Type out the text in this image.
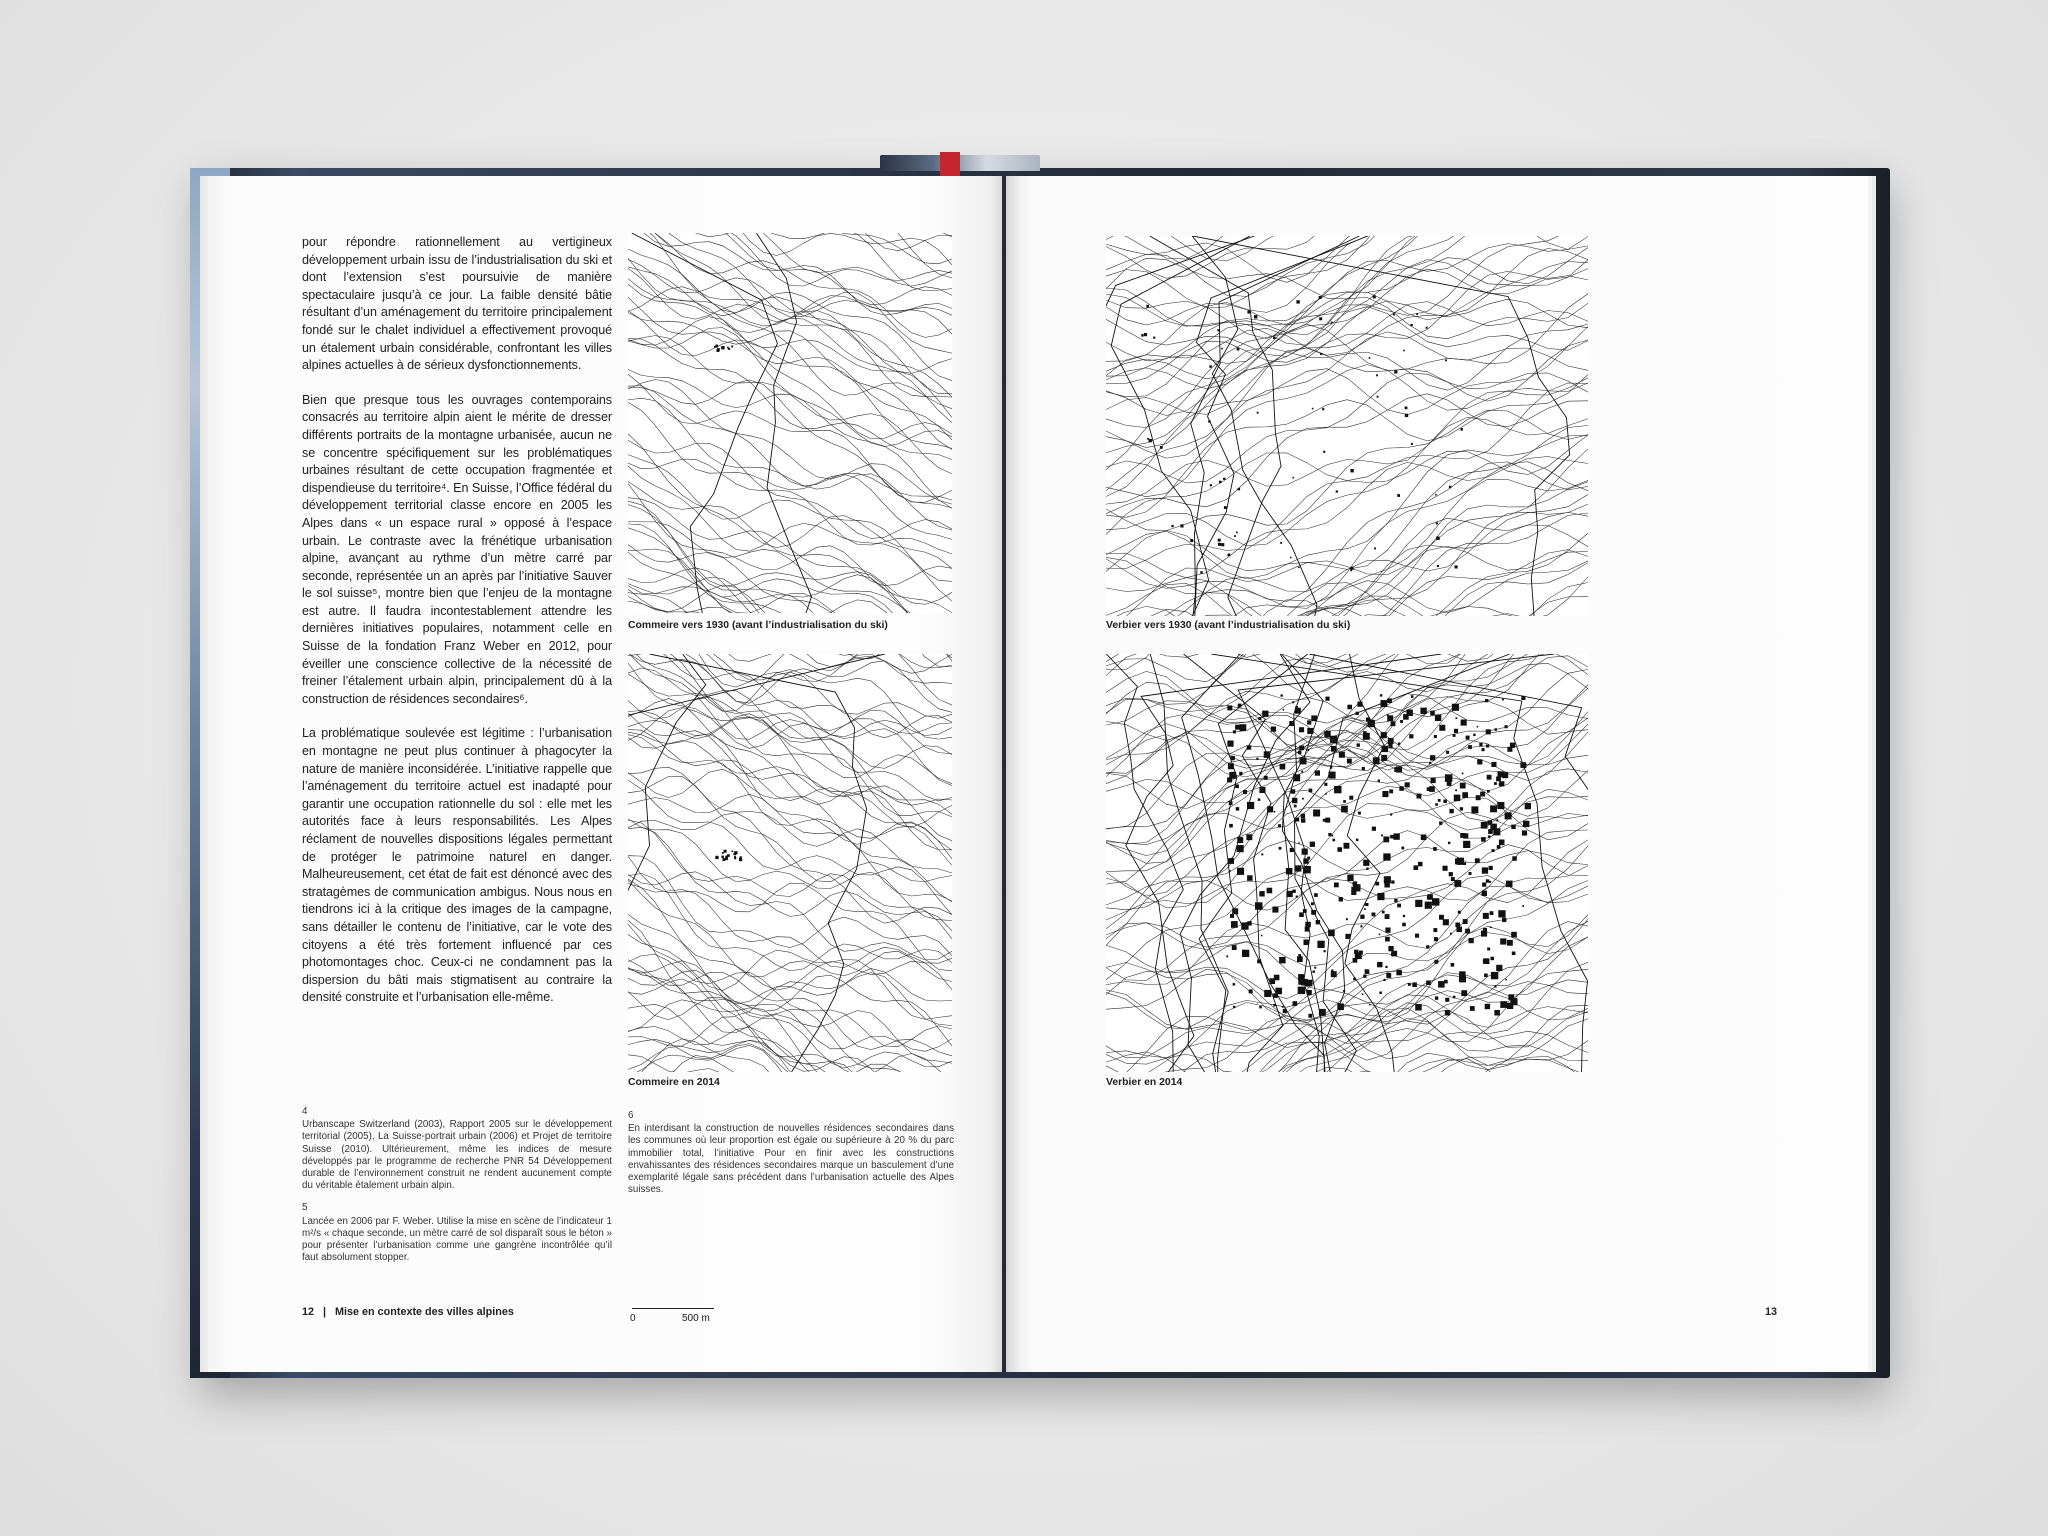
pour répondre rationnellement au vertigineux développement urbain issu de l’industrialisation du ski et dont l’extension s’est poursuivie de manière spectaculaire jusqu’à ce jour. La faible densité bâtie résultant d’un aménagement du territoire principalement fondé sur le chalet individuel a effectivement provoqué un étalement urbain considérable, confrontant les villes alpines actuelles à de sérieux dysfonctionnements.

Bien que presque tous les ouvrages contemporains consacrés au territoire alpin aient le mérite de dresser différents portraits de la montagne urbanisée, aucun ne se concentre spécifiquement sur les problématiques urbaines résultant de cette occupation fragmentée et dispendieuse du territoire⁴. En Suisse, l’Office fédéral du développement territorial classe encore en 2005 les Alpes dans « un espace rural » opposé à l’espace urbain. Le contraste avec la frénétique urbanisation alpine, avançant au rythme d’un mètre carré par seconde, représentée un an après par l’initiative Sauver le sol suisse⁵, montre bien que l’enjeu de la montagne est autre. Il faudra incontestablement attendre les dernières initiatives populaires, notamment celle en Suisse de la fondation Franz Weber en 2012, pour éveiller une conscience collective de la nécessité de freiner l’étalement urbain alpin, principalement dû à la construction de résidences secondaires⁶.

La problématique soulevée est légitime : l’urbanisation en montagne ne peut plus continuer à phagocyter la nature de manière inconsidérée. L’initiative rappelle que l’aménagement du territoire actuel est inadapté pour garantir une occupation rationnelle du sol : elle met les autorités face à leurs responsabilités. Les Alpes réclament de nouvelles dispositions légales permettant de protéger le patrimoine naturel en danger. Malheureusement, cet état de fait est dénoncé avec des stratagèmes de communication ambigus. Nous nous en tiendrons ici à la critique des images de la campagne, sans détailler le contenu de l’initiative, car le vote des citoyens a été très fortement influencé par ces photomontages choc. Ceux-ci ne condamnent pas la dispersion du bâti mais stigmatisent au contraire la densité construite et l’urbanisation elle-même.

Commeire vers 1930 (avant l’industrialisation du ski)
Commeire en 2014
Verbier vers 1930 (avant l’industrialisation du ski)
Verbier en 2014
4
Urbanscape Switzerland (2003), Rapport 2005 sur le développement territorial (2005), La Suisse-portrait urbain (2006) et Projet de territoire Suisse (2010). Ultérieurement, même les indices de mesure développés par le programme de recherche PNR 54 Développement durable de l’environnement construit ne rendent aucunement compte du véritable étalement urbain alpin.
5
Lancée en 2006 par F. Weber. Utilise la mise en scène de l’indicateur 1 m²/s « chaque seconde, un mètre carré de sol disparaît sous le béton » pour présenter l’urbanisation comme une gangrène incontrôlée qu’il faut absolument stopper.
6
En interdisant la construction de nouvelles résidences secondaires dans les communes où leur proportion est égale ou supérieure à 20 % du parc immobilier total, l’initiative Pour en finir avec les constructions envahissantes des résidences secondaires marque un basculement d’une exemplarité légale sans précédent dans l’urbanisation actuelle des Alpes suisses.
12 | Mise en contexte des villes alpines
0	500 m
13
